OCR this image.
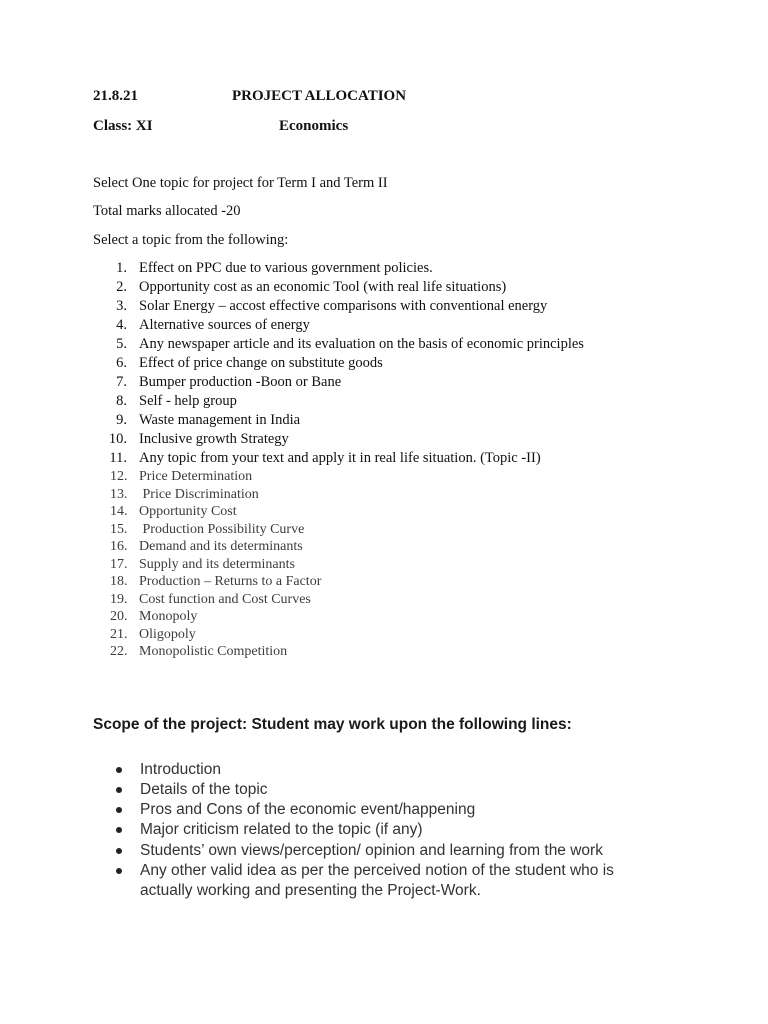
21.8.21	PROJECT ALLOCATION
Class: XI	Economics
Select One topic for project for Term I and Term II
Total marks allocated -20
Select a topic from the following:
1. Effect on PPC due to various government policies.
2. Opportunity cost as an economic Tool (with real life situations)
3. Solar Energy – accost effective comparisons with conventional energy
4. Alternative sources of energy
5. Any newspaper article and its evaluation on the basis of economic principles
6. Effect of price change on substitute goods
7. Bumper production -Boon or Bane
8. Self - help group
9. Waste management in India
10. Inclusive growth Strategy
11. Any topic from your text and apply it in real life situation. (Topic -II)
12. Price Determination
13. Price Discrimination
14. Opportunity Cost
15. Production Possibility Curve
16. Demand and its determinants
17. Supply and its determinants
18. Production – Returns to a Factor
19. Cost function and Cost Curves
20. Monopoly
21. Oligopoly
22. Monopolistic Competition
Scope of the project: Student may work upon the following lines:
Introduction
Details of the topic
Pros and Cons of the economic event/happening
Major criticism related to the topic (if any)
Students’ own views/perception/ opinion and learning from the work
Any other valid idea as per the perceived notion of the student who is
actually working and presenting the Project-Work.
